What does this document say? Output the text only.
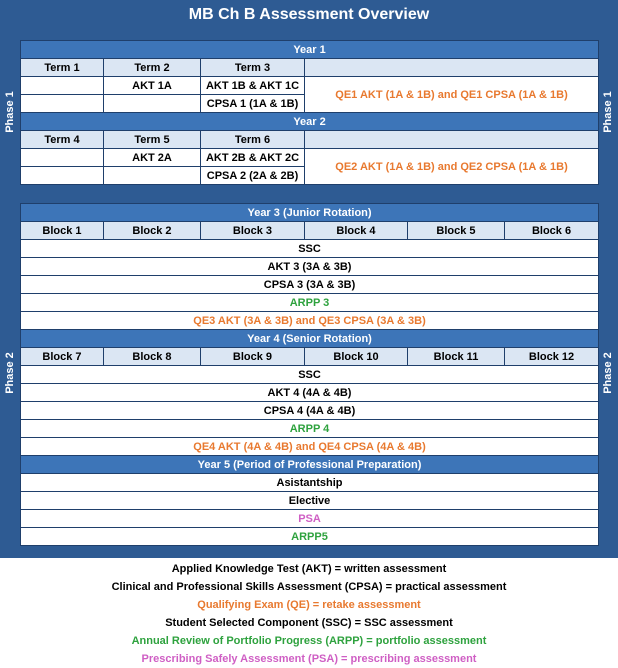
MB Ch B Assessment Overview
Phase 1	Phase 1
Year 1			
Term 1	Term 2	Term 3	
	AKT 1A	AKT 1B & AKT 1C	QE1 AKT (1A & 1B) and QE1 CPSA (1A & 1B)
		CPSA 1 (1A & 1B)	
Year 2			
Term 4	Term 5	Term 6	
	AKT 2A	AKT 2B & AKT 2C	QE2 AKT (1A & 1B) and QE2 CPSA (1A & 1B)
		CPSA 2 (2A & 2B)	
Phase 2	Phase 2
Year 3 (Junior Rotation)					
Block 1	Block 2	Block 3	Block 4	Block 5	Block 6
SSC					
AKT 3 (3A & 3B)					
CPSA 3 (3A & 3B)					
ARPP 3					
QE3 AKT (3A & 3B) and QE3 CPSA (3A & 3B)					
Year 4 (Senior Rotation)					
Block 7	Block 8	Block 9	Block 10	Block 11	Block 12
SSC					
AKT 4 (4A & 4B)					
CPSA 4 (4A & 4B)					
ARPP 4					
QE4 AKT (4A & 4B) and QE4 CPSA (4A & 4B)					
Year 5 (Period of Professional Preparation)					
Asistantship					
Elective					
PSA					
ARPP5					
Applied Knowledge Test (AKT) = written assessment
Clinical and Professional Skills Assessment (CPSA) = practical assessment
Qualifying Exam (QE) = retake assessment
Student Selected Component (SSC) = SSC assessment
Annual Review of Portfolio Progress (ARPP) = portfolio assessment
Prescribing Safely Assessment (PSA) = prescribing assessment
